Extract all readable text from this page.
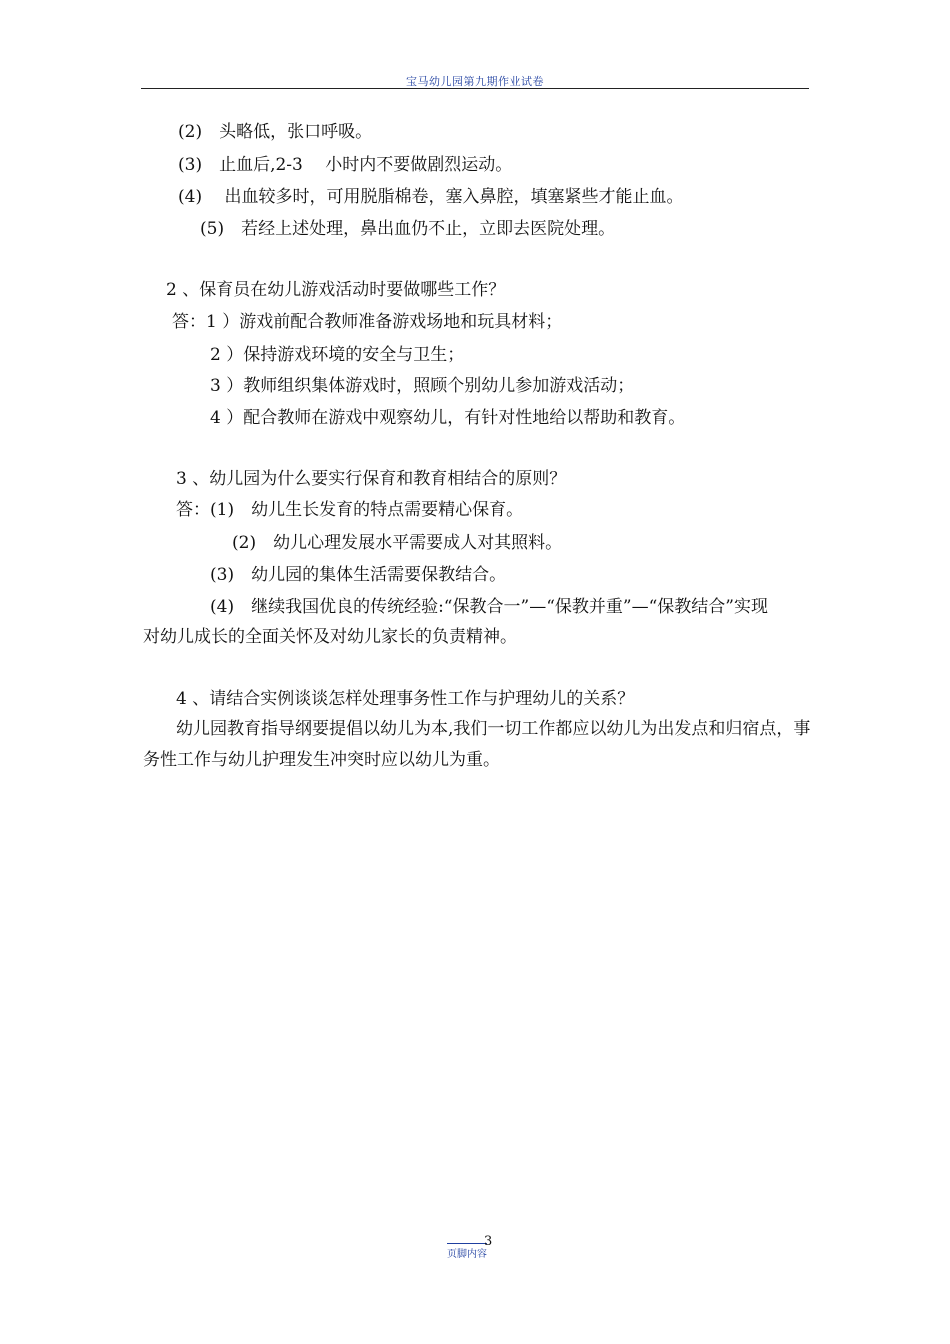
宝马幼儿园第九期作业试卷
(2)　头略低，张口呼吸。
(3)　止血后,2-3　 小时内不要做剧烈运动。
(4)　 出血较多时，可用脱脂棉卷，塞入鼻腔，填塞紧些才能止血。
(5)　若经上述处理，鼻出血仍不止，立即去医院处理。
2 、保育员在幼儿游戏活动时要做哪些工作？
答：1 ）游戏前配合教师准备游戏场地和玩具材料；
2 ）保持游戏环境的安全与卫生；
3 ）教师组织集体游戏时，照顾个别幼儿参加游戏活动；
4 ）配合教师在游戏中观察幼儿，有针对性地给以帮助和教育。
3 、幼儿园为什么要实行保育和教育相结合的原则？
答：(1)　幼儿生长发育的特点需要精心保育。
(2)　幼儿心理发展水平需要成人对其照料。
(3)　幼儿园的集体生活需要保教结合。
(4)　继续我国优良的传统经验:“保教合一”—“保教并重”—“保教结合”实现
对幼儿成长的全面关怀及对幼儿家长的负责精神。
4 、请结合实例谈谈怎样处理事务性工作与护理幼儿的关系？
幼儿园教育指导纲要提倡以幼儿为本,我们一切工作都应以幼儿为出发点和归宿点，事
务性工作与幼儿护理发生冲突时应以幼儿为重。
页脚内容
3
